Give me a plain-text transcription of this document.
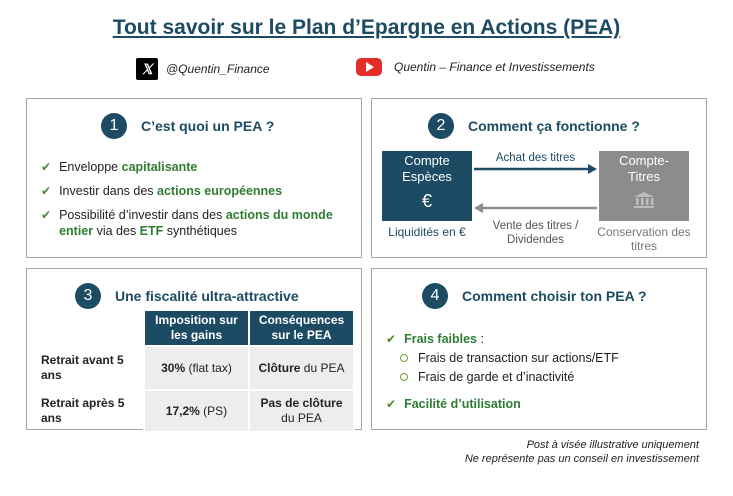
Tout savoir sur le Plan d’Epargne en Actions (PEA)
𝕏	@Quentin_Finance	Quentin – Finance et Investissements
1	C’est quoi un PEA ?
✔ Enveloppe capitalisante
✔ Investir dans des actions européennes
✔ Possibilité d’investir dans des actions du monde entier via des ETF synthétiques
2	Comment ça fonctionne ?
Compte Espèces
€
Compte-Titres
Achat des titres
Vente des titres / Dividendes
Liquidités en €	Conservation des titres
3	Une fiscalité ultra-attractive
	Imposition sur les gains	Conséquences sur le PEA
Retrait avant 5 ans	30% (flat tax)	Clôture du PEA
Retrait après 5 ans	17,2% (PS)	Pas de clôture
du PEA
4	Comment choisir ton PEA ?
✔ Frais faibles :
Frais de transaction sur actions/ETF
Frais de garde et d’inactivité
✔ Facilité d’utilisation
Post à visée illustrative uniquement
Ne représente pas un conseil en investissement
